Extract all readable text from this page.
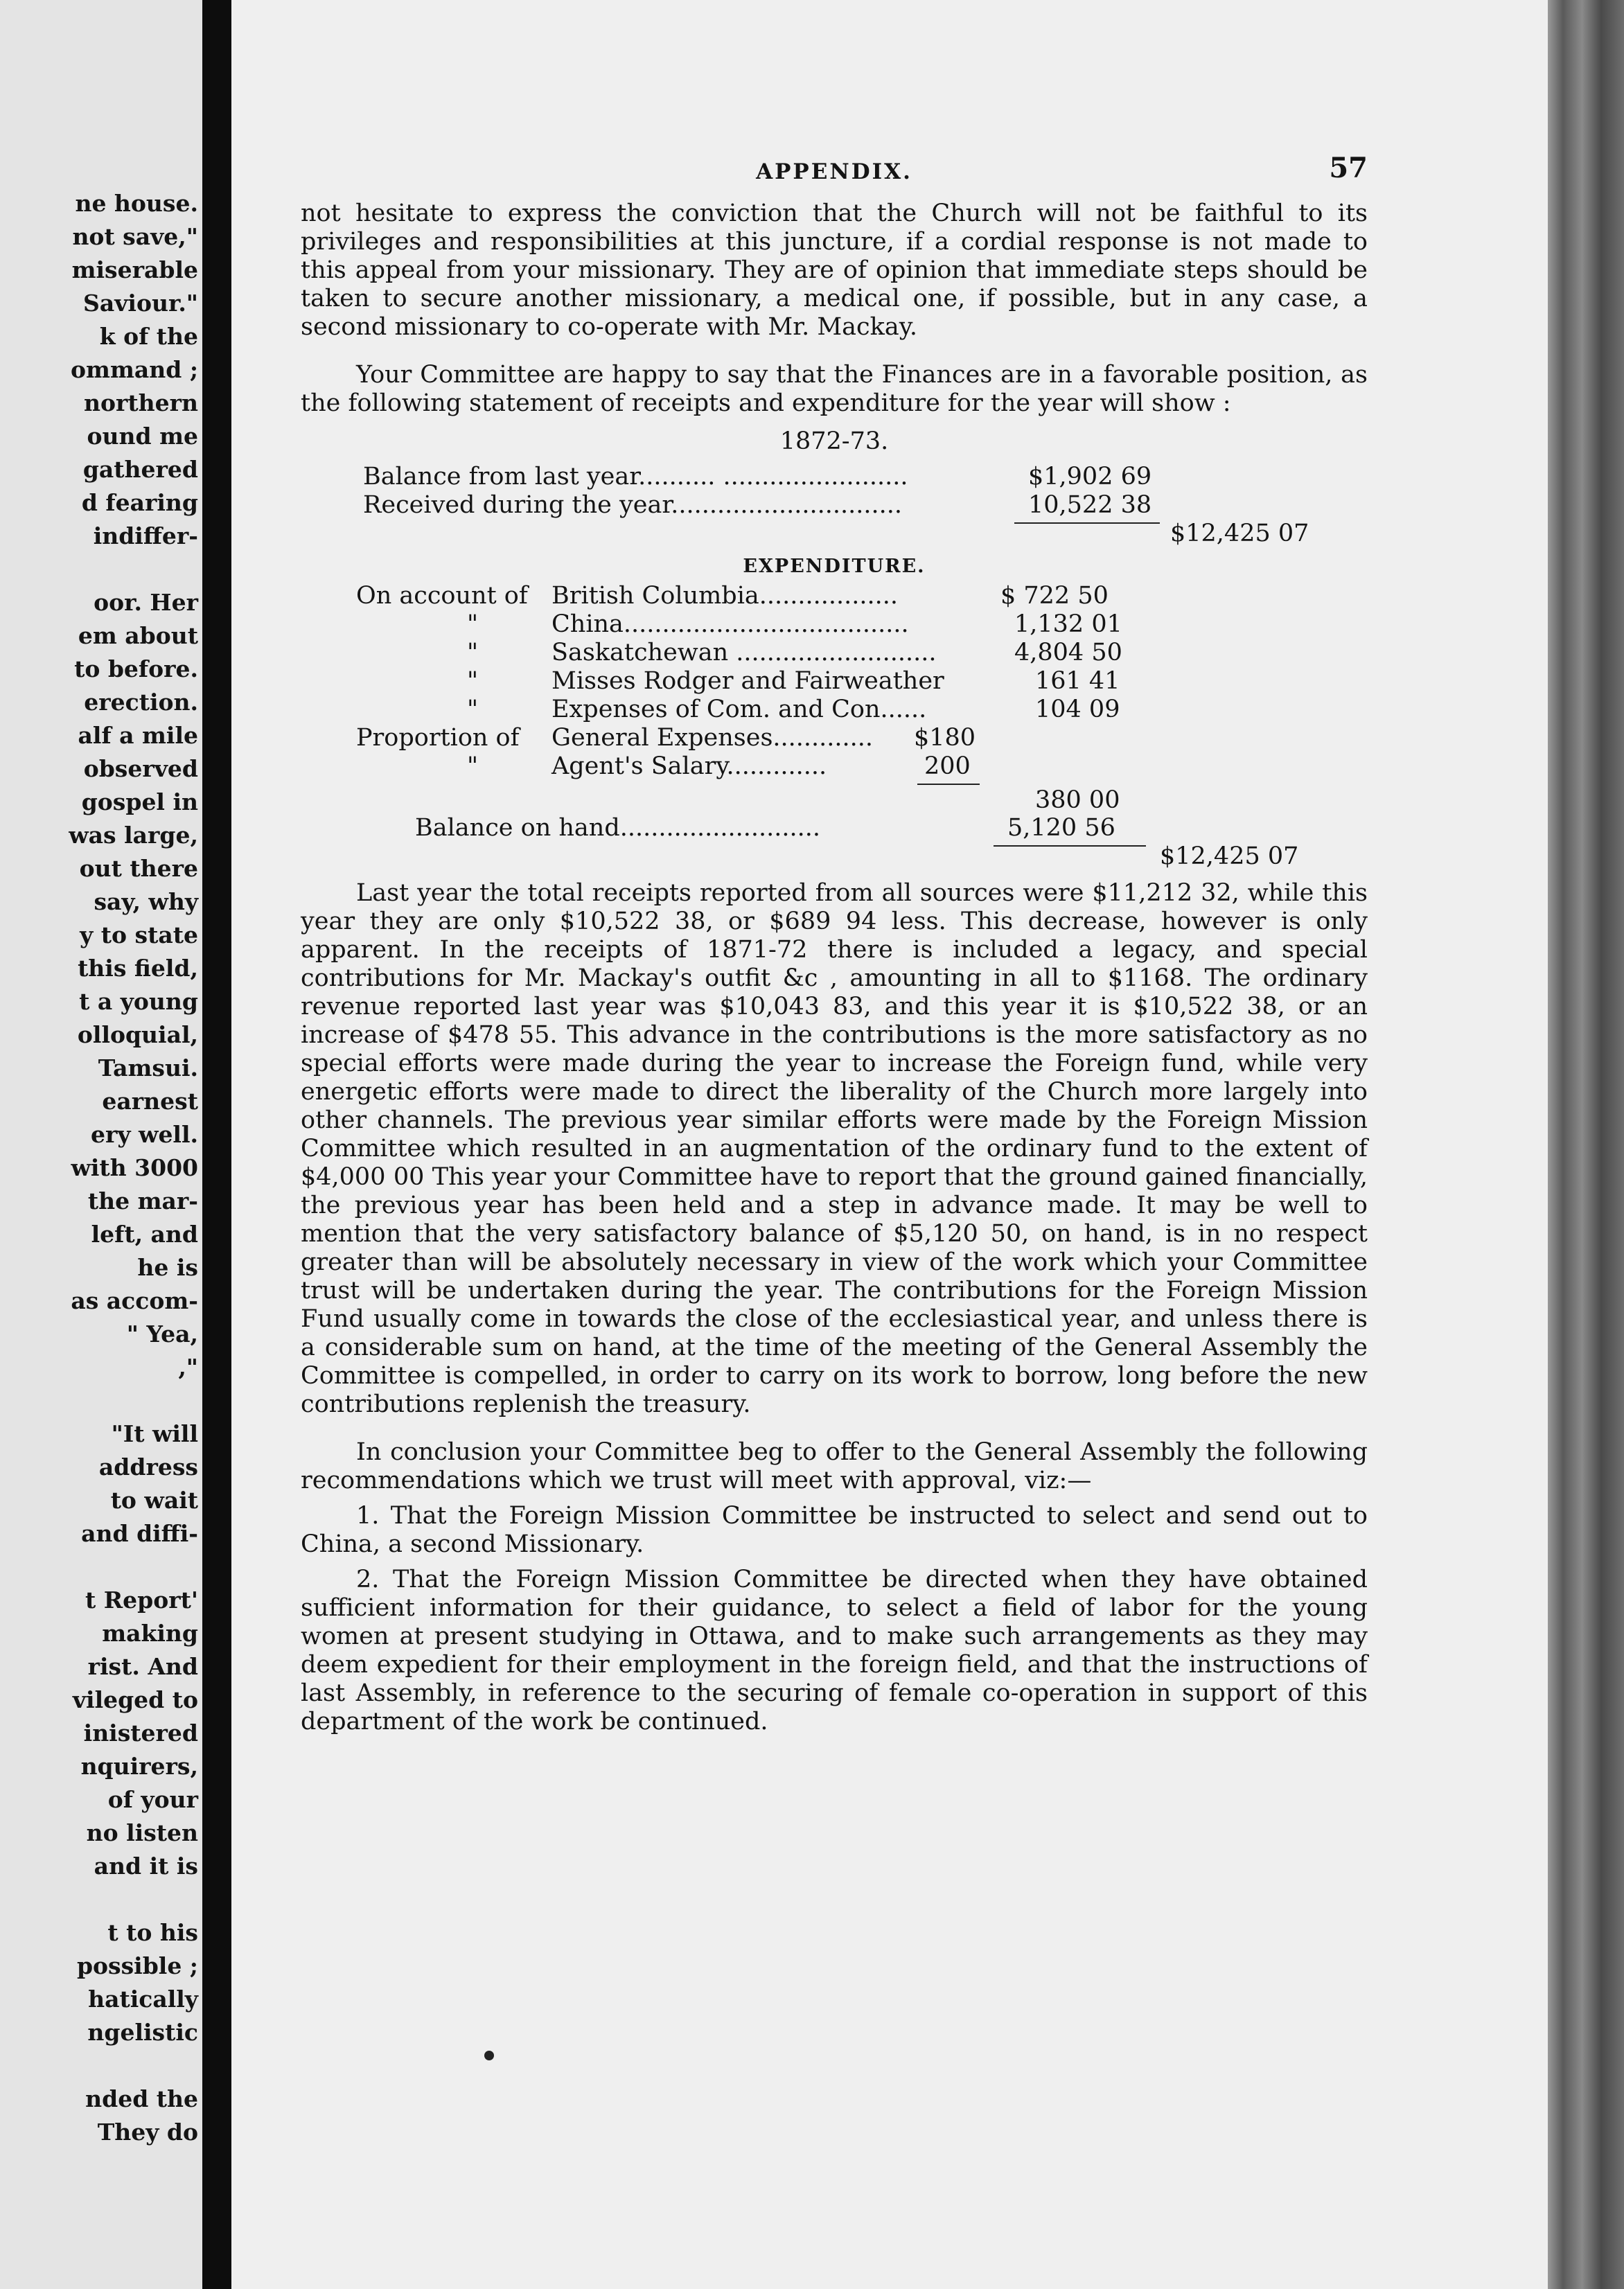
ne house.
not save,"
miserable
Saviour."
k of the
ommand ;
northern
ound me
gathered
d fearing
indiffer-
oor. Her
em about
to before.
erection.
alf a mile
observed
gospel in
was large,
out there
say, why
y to state
this field,
t a young
olloquial,
Tamsui.
earnest
ery well.
with 3000
the mar-
left, and
he is
as accom-
" Yea,
,"
"It will
address
to wait
and diffi-
t Report'
making
rist. And
vileged to
inistered
nquirers,
of your
no listen
and it is
t to his
possible ;
hatically
ngelistic
nded the
They do
APPENDIX.	57

not hesitate to express the conviction that the Church will not be faithful to its privileges and responsibilities at this juncture, if a cordial response is not made to this appeal from your missionary. They are of opinion that immediate steps should be taken to secure another missionary, a medical one, if possible, but in any case, a second missionary to co-operate with Mr. Mackay.

Your Committee are happy to say that the Finances are in a favorable position, as the following statement of receipts and expenditure for the year will show :

1872-73.
Balance from last year.......... ........................	$1,902 69
Received during the year..............................	10,522 38
$12,425 07
EXPENDITURE.
On account of British Columbia..................	$ 722 50
"	China.....................................	1,132 01
"	Saskatchewan ..........................	4,804 50
"	Misses Rodger and Fairweather	161 41
"	Expenses of Com. and Con......	104 09
Proportion of General Expenses............. $180
"	Agent's Salary.............	200
380 00
Balance on hand..........................	5,120 56
$12,425 07

Last year the total receipts reported from all sources were $11,212 32, while this year they are only $10,522 38, or $689 94 less. This decrease, however is only apparent. In the receipts of 1871-72 there is included a legacy, and special contributions for Mr. Mackay's outfit &c , amounting in all to $1168. The ordinary revenue reported last year was $10,043 83, and this year it is $10,522 38, or an increase of $478 55. This advance in the contributions is the more satisfactory as no special efforts were made during the year to increase the Foreign fund, while very energetic efforts were made to direct the liberality of the Church more largely into other channels. The previous year similar efforts were made by the Foreign Mission Committee which resulted in an augmentation of the ordinary fund to the extent of $4,000 00 This year your Committee have to report that the ground gained financially, the previous year has been held and a step in advance made. It may be well to mention that the very satisfactory balance of $5,120 50, on hand, is in no respect greater than will be absolutely necessary in view of the work which your Committee trust will be undertaken during the year. The contributions for the Foreign Mission Fund usually come in towards the close of the ecclesiastical year, and unless there is a considerable sum on hand, at the time of the meeting of the General Assembly the Committee is compelled, in order to carry on its work to borrow, long before the new contributions replenish the treasury.

In conclusion your Committee beg to offer to the General Assembly the following recommendations which we trust will meet with approval, viz:—

1. That the Foreign Mission Committee be instructed to select and send out to China, a second Missionary.

2. That the Foreign Mission Committee be directed when they have obtained sufficient information for their guidance, to select a field of labor for the young women at present studying in Ottawa, and to make such arrangements as they may deem expedient for their employment in the foreign field, and that the instructions of last Assembly, in reference to the securing of female co-operation in support of this department of the work be continued.
